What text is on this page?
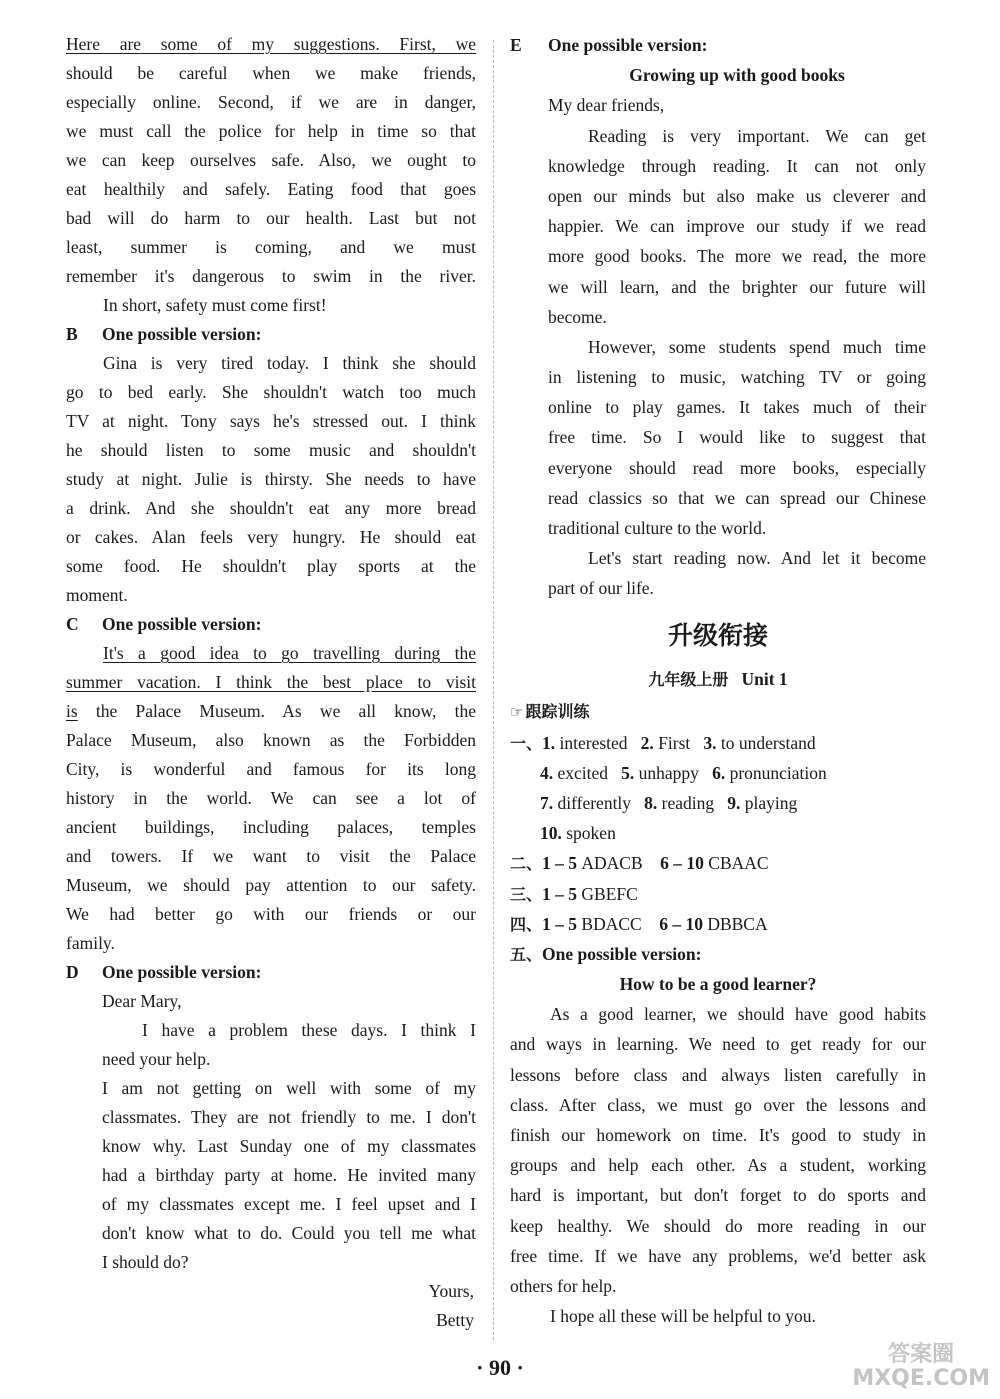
Here are some of my suggestions. First, we
should be careful when we make friends,
especially online. Second, if we are in danger,
we must call the police for help in time so that
we can keep ourselves safe. Also, we ought to
eat healthily and safely. Eating food that goes
bad will do harm to our health. Last but not
least, summer is coming, and we must
remember it's dangerous to swim in the river.
In short, safety must come first!
B One possible version:
Gina is very tired today. I think she should
go to bed early. She shouldn't watch too much
TV at night. Tony says he's stressed out. I think
he should listen to some music and shouldn't
study at night. Julie is thirsty. She needs to have
a drink. And she shouldn't eat any more bread
or cakes. Alan feels very hungry. He should eat
some food. He shouldn't play sports at the
moment.
C One possible version:
It's a good idea to go travelling during the
summer vacation. I think the best place to visit
is the Palace Museum. As we all know, the
Palace Museum, also known as the Forbidden
City, is wonderful and famous for its long
history in the world. We can see a lot of
ancient buildings, including palaces, temples
and towers. If we want to visit the Palace
Museum, we should pay attention to our safety.
We had better go with our friends or our
family.
D One possible version:
Dear Mary,
I have a problem these days. I think I
need your help.
I am not getting on well with some of my
classmates. They are not friendly to me. I don't
know why. Last Sunday one of my classmates
had a birthday party at home. He invited many
of my classmates except me. I feel upset and I
don't know what to do. Could you tell me what
I should do?
Yours,
Betty
E One possible version:
Growing up with good books
My dear friends,
Reading is very important. We can get
knowledge through reading. It can not only
open our minds but also make us cleverer and
happier. We can improve our study if we read
more good books. The more we read, the more
we will learn, and the brighter our future will
become.
However, some students spend much time
in listening to music, watching TV or going
online to play games. It takes much of their
free time. So I would like to suggest that
everyone should read more books, especially
read classics so that we can spread our Chinese
traditional culture to the world.
Let's start reading now. And let it become
part of our life.
升级衔接
九年级上册 Unit 1
☞ 跟踪训练
一、1. interested 2. First 3. to understand
4. excited 5. unhappy 6. pronunciation
7. differently 8. reading 9. playing
10. spoken
二、1 – 5 ADACB 6 – 10 CBAAC
三、1 – 5 GBEFC
四、1 – 5 BDACC 6 – 10 DBBCA
五、One possible version:
How to be a good learner?
As a good learner, we should have good habits
and ways in learning. We need to get ready for our
lessons before class and always listen carefully in
class. After class, we must go over the lessons and
finish our homework on time. It's good to study in
groups and help each other. As a student, working
hard is important, but don't forget to do sports and
keep healthy. We should do more reading in our
free time. If we have any problems, we'd better ask
others for help.
I hope all these will be helpful to you.
· 90 ·
答案圈
MXQE.COM
